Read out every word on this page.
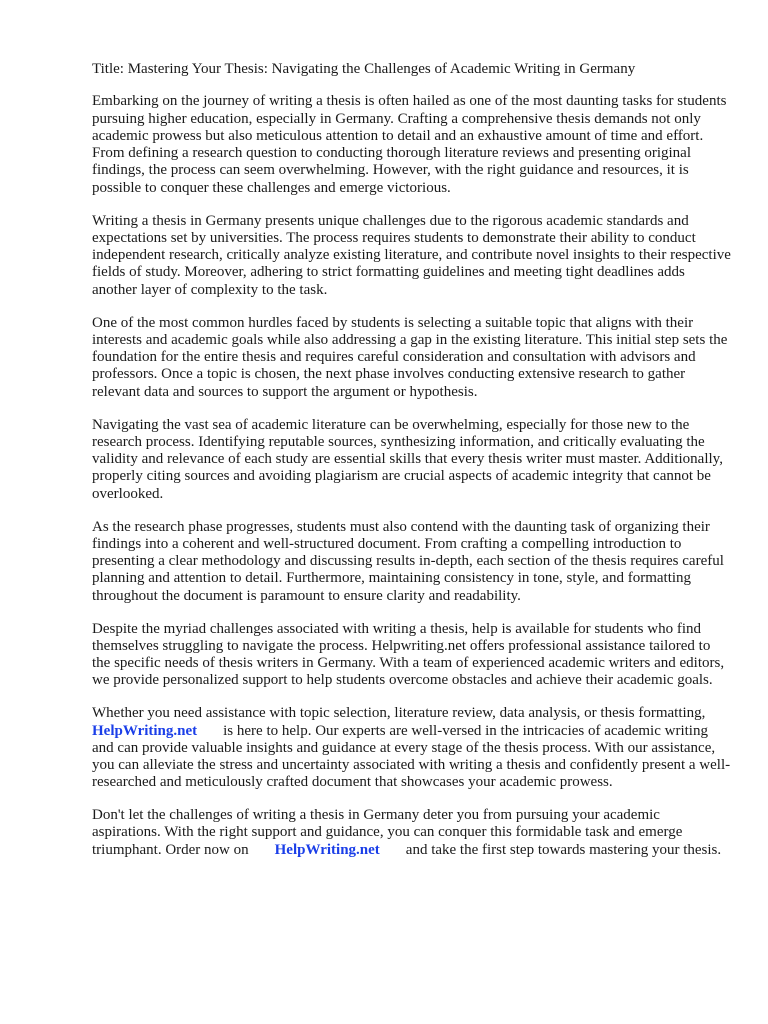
Title: Mastering Your Thesis: Navigating the Challenges of Academic Writing in Germany

Embarking on the journey of writing a thesis is often hailed as one of the most daunting tasks for students pursuing higher education, especially in Germany. Crafting a comprehensive thesis demands not only academic prowess but also meticulous attention to detail and an exhaustive amount of time and effort. From defining a research question to conducting thorough literature reviews and presenting original findings, the process can seem overwhelming. However, with the right guidance and resources, it is possible to conquer these challenges and emerge victorious.

Writing a thesis in Germany presents unique challenges due to the rigorous academic standards and expectations set by universities. The process requires students to demonstrate their ability to conduct independent research, critically analyze existing literature, and contribute novel insights to their respective fields of study. Moreover, adhering to strict formatting guidelines and meeting tight deadlines adds another layer of complexity to the task.

One of the most common hurdles faced by students is selecting a suitable topic that aligns with their interests and academic goals while also addressing a gap in the existing literature. This initial step sets the foundation for the entire thesis and requires careful consideration and consultation with advisors and professors. Once a topic is chosen, the next phase involves conducting extensive research to gather relevant data and sources to support the argument or hypothesis.

Navigating the vast sea of academic literature can be overwhelming, especially for those new to the research process. Identifying reputable sources, synthesizing information, and critically evaluating the validity and relevance of each study are essential skills that every thesis writer must master. Additionally, properly citing sources and avoiding plagiarism are crucial aspects of academic integrity that cannot be overlooked.

As the research phase progresses, students must also contend with the daunting task of organizing their findings into a coherent and well-structured document. From crafting a compelling introduction to presenting a clear methodology and discussing results in-depth, each section of the thesis requires careful planning and attention to detail. Furthermore, maintaining consistency in tone, style, and formatting throughout the document is paramount to ensure clarity and readability.

Despite the myriad challenges associated with writing a thesis, help is available for students who find themselves struggling to navigate the process. Helpwriting.net offers professional assistance tailored to the specific needs of thesis writers in Germany. With a team of experienced academic writers and editors, we provide personalized support to help students overcome obstacles and achieve their academic goals.

Whether you need assistance with topic selection, literature review, data analysis, or thesis formatting,HelpWriting.net is here to help. Our experts are well-versed in the intricacies of academic writing and can provide valuable insights and guidance at every stage of the thesis process. With our assistance, you can alleviate the stress and uncertainty associated with writing a thesis and confidently present a well-researched and meticulously crafted document that showcases your academic prowess.

Don't let the challenges of writing a thesis in Germany deter you from pursuing your academic aspirations. With the right support and guidance, you can conquer this formidable task and emerge triumphant. Order now on HelpWriting.net and take the first step towards mastering your thesis.
